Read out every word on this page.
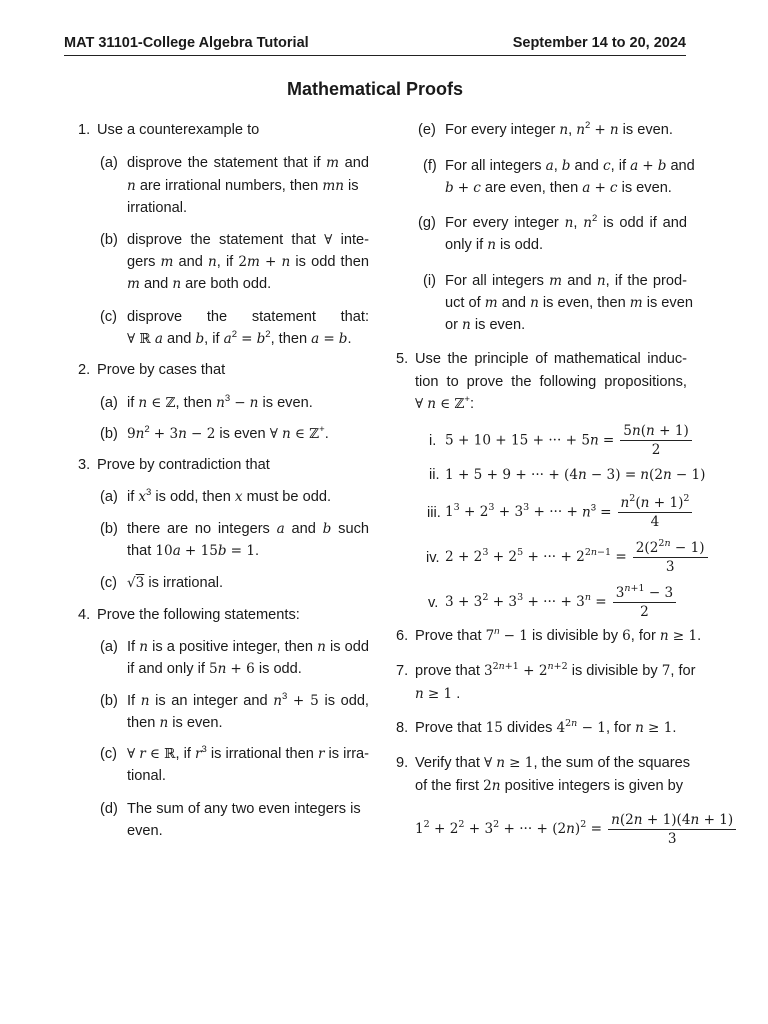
MAT 31101-College Algebra Tutorial	September 14 to 20, 2024
Mathematical Proofs
1. Use a counterexample to
(a) disprove the statement that if m and
n are irrational numbers, then mn is
irrational.
(b) disprove the statement that ∀ inte-
gers m and n, if 2m + n is odd then
m and n are both odd.
(c) disprove the statement that:
∀ ℝ a and b, if $a^2 = b^2$, then a = b.
2. Prove by cases that
(a) if n ∈ ℤ, then $n^3 - n$ is even.
(b) $9n^2 + 3n - 2$ is even ∀ n ∈ ℤ+.
3. Prove by contradiction that
(a) if $x^3$ is odd, then x must be odd.
(b) there are no integers a and b such
that 10a + 15b = 1.
(c) √3 is irrational.
4. Prove the following statements:
(a) If n is a positive integer, then n is odd
if and only if 5n + 6 is odd.
(b) If n is an integer and $n^3 + 5$ is odd,
then n is even.
(c) ∀ r ∈ ℝ, if $r^3$ is irrational then r is irra-
tional.
(d) The sum of any two even integers is
even.
(e) For every integer n, $n^2 + n$ is even.
(f) For all integers a, b and c, if a + b and
b + c are even, then a + c is even.
(g) For every integer n, $n^2$ is odd if and
only if n is odd.
(i) For all integers m and n, if the prod-
uct of m and n is even, then m is even
or n is even.
5. Use the principle of mathematical induc-
tion to prove the following propositions,
∀ n ∈ ℤ+:
i. 5 + 10 + 15 + ··· + $5n = \frac{5n(n + 1)}{2}$
ii. 1 + 5 + 9 + ··· + (4n − 3) = n(2n − 1)
iii. $1^3 + 2^3 + 3^3$ + ··· + $n^3 = \frac{n^2(n + 1)^2}{4}$
iv. $2 + 2^3 + 2^5$ + ··· + $2^{2n-1} = \frac{2(2^{2n} - 1)}{3}$
v. $3 + 3^2 + 3^3$ + ··· + $3^n = \frac{3^{n+1} - 3}{2}$
6. Prove that $7^n - 1$ is divisible by 6, for n ≥ 1.
7. prove that $3^{2n+1} + 2^{n+2}$ is divisible by 7, for
n ≥ 1 .
8. Prove that 15 divides $4^{2n} - 1$, for n ≥ 1.
9. Verify that ∀ n ≥ 1, the sum of the squares
of the first 2n positive integers is given by
$1^2 + 2^2 + 3^2$ + ··· + $(2n)^2 = \frac{n(2n + 1)(4n + 1)}{3}$
